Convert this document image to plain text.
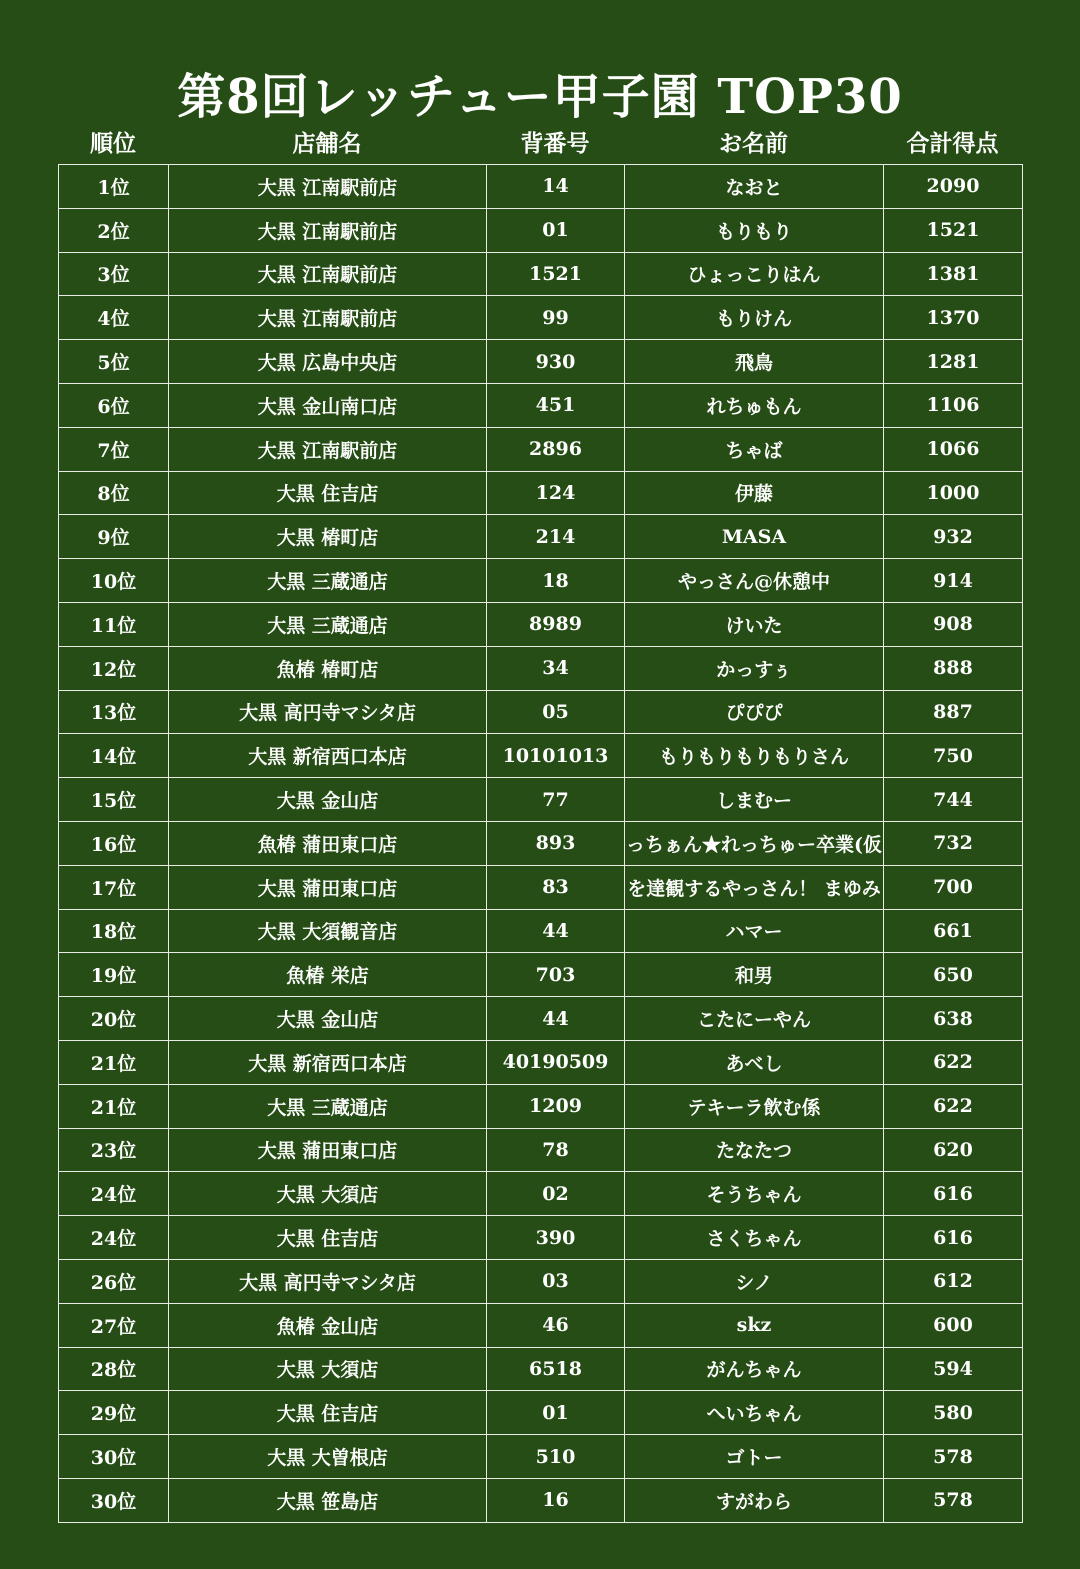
第8回レッチュー甲子園 TOP30
順位	店舗名	背番号	お名前	合計得点
1位	大黒 江南駅前店	14	なおと	2090
2位	大黒 江南駅前店	01	もりもり	1521
3位	大黒 江南駅前店	1521	ひょっこりはん	1381
4位	大黒 江南駅前店	99	もりけん	1370
5位	大黒 広島中央店	930	飛鳥	1281
6位	大黒 金山南口店	451	れちゅもん	1106
7位	大黒 江南駅前店	2896	ちゃば	1066
8位	大黒 住吉店	124	伊藤	1000
9位	大黒 椿町店	214	MASA	932
10位	大黒 三蔵通店	18	やっさん@休憩中	914
11位	大黒 三蔵通店	8989	けいた	908
12位	魚椿 椿町店	34	かっすぅ	888
13位	大黒 高円寺マシタ店	05	ぴぴぴ	887
14位	大黒 新宿西口本店	10101013	もりもりもりもりさん	750
15位	大黒 金山店	77	しまむー	744
16位	魚椿 蒲田東口店	893	っちぁん★れっちゅー卒業(仮	732
17位	大黒 蒲田東口店	83	を達観するやっさん！ まゆみ	700
18位	大黒 大須観音店	44	ハマー	661
19位	魚椿 栄店	703	和男	650
20位	大黒 金山店	44	こたにーやん	638
21位	大黒 新宿西口本店	40190509	あべし	622
21位	大黒 三蔵通店	1209	テキーラ飲む係	622
23位	大黒 蒲田東口店	78	たなたつ	620
24位	大黒 大須店	02	そうちゃん	616
24位	大黒 住吉店	390	さくちゃん	616
26位	大黒 高円寺マシタ店	03	シノ	612
27位	魚椿 金山店	46	skz	600
28位	大黒 大須店	6518	がんちゃん	594
29位	大黒 住吉店	01	へいちゃん	580
30位	大黒 大曽根店	510	ゴトー	578
30位	大黒 笹島店	16	すがわら	578
